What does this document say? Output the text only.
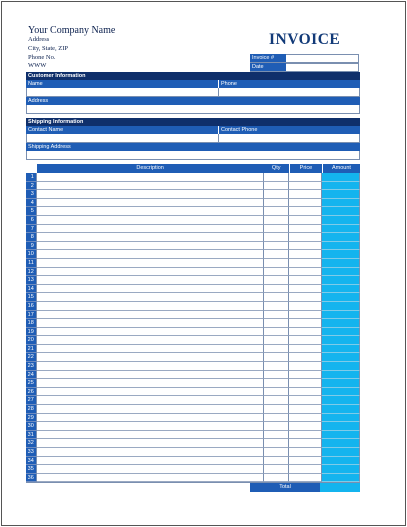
Your Company Name
Address
City, State, ZIP
Phone No.
WWW
INVOICE
Invoice #
Date
Customer Information
Name	Phone
Address
Shipping Information
Contact Name	Contact Phone
Shipping Address
Description	Qty	Price	Amount
1
2
3
4
5
6
7
8
9
10
11
12
13
14
15
16
17
18
19
20
21
22
23
24
25
26
27
28
29
30
31
32
33
34
35
36
Total
